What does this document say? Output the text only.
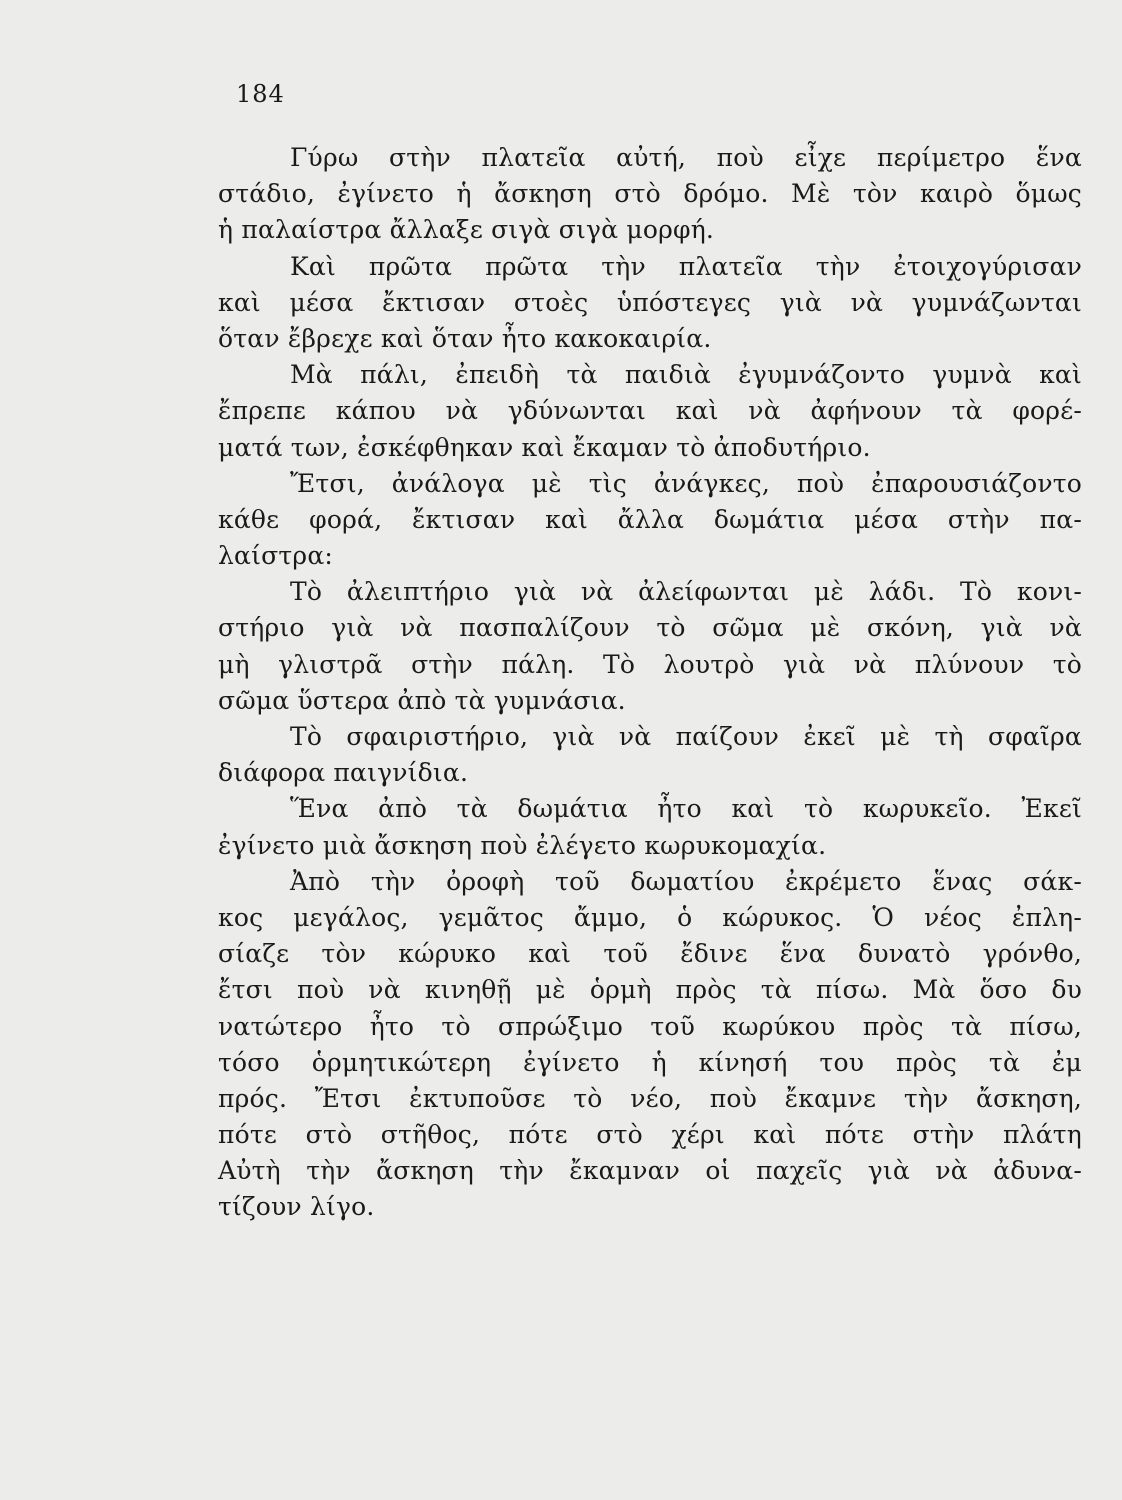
184
Γύρω στὴν πλατεῖα αὐτή, ποὺ εἶχε περίμετρο ἕνα
στάδιο, ἐγίνετο ἡ ἄσκηση στὸ δρόμο. Μὲ τὸν καιρὸ ὅμως
ἡ παλαίστρα ἄλλαξε σιγὰ σιγὰ μορφή.
Καὶ πρῶτα πρῶτα τὴν πλατεῖα τὴν ἐτοιχογύρισαν
καὶ μέσα ἔκτισαν στοὲς ὑπόστεγες γιὰ νὰ γυμνάζωνται
ὅταν ἔβρεχε καὶ ὅταν ἦτο κακοκαιρία.
Μὰ πάλι, ἐπειδὴ τὰ παιδιὰ ἐγυμνάζοντο γυμνὰ καὶ
ἔπρεπε κάπου νὰ γδύνωνται καὶ νὰ ἀφήνουν τὰ φορέ-
ματά των, ἐσκέφθηκαν καὶ ἔκαμαν τὸ ἀποδυτήριο.
Ἔτσι, ἀνάλογα μὲ τὶς ἀνάγκες, ποὺ ἐπαρουσιάζοντο
κάθε φορά, ἔκτισαν καὶ ἄλλα δωμάτια μέσα στὴν πα-
λαίστρα:
Τὸ ἀλειπτήριο γιὰ νὰ ἀλείφωνται μὲ λάδι. Τὸ κονι-
στήριο γιὰ νὰ πασπαλίζουν τὸ σῶμα μὲ σκόνη, γιὰ νὰ
μὴ γλιστρᾶ στὴν πάλη. Τὸ λουτρὸ γιὰ νὰ πλύνουν τὸ
σῶμα ὕστερα ἀπὸ τὰ γυμνάσια.
Τὸ σφαιριστήριο, γιὰ νὰ παίζουν ἐκεῖ μὲ τὴ σφαῖρα
διάφορα παιγνίδια.
Ἕνα ἀπὸ τὰ δωμάτια ἦτο καὶ τὸ κωρυκεῖο. Ἐκεῖ
ἐγίνετο μιὰ ἄσκηση ποὺ ἐλέγετο κωρυκομαχία.
Ἀπὸ τὴν ὀροφὴ τοῦ δωματίου ἐκρέμετο ἕνας σάκ-
κος μεγάλος, γεμᾶτος ἄμμο, ὁ κώρυκος. Ὁ νέος ἐπλη-
σίαζε τὸν κώρυκο καὶ τοῦ ἔδινε ἕνα δυνατὸ γρόνθο,
ἔτσι ποὺ νὰ κινηθῇ μὲ ὁρμὴ πρὸς τὰ πίσω. Μὰ ὅσο δυ
νατώτερο ἦτο τὸ σπρώξιμο τοῦ κωρύκου πρὸς τὰ πίσω,
τόσο ὁρμητικώτερη ἐγίνετο ἡ κίνησή του πρὸς τὰ ἐμ
πρός. Ἔτσι ἐκτυποῦσε τὸ νέο, ποὺ ἔκαμνε τὴν ἄσκηση,
πότε στὸ στῆθος, πότε στὸ χέρι καὶ πότε στὴν πλάτη
Αὐτὴ τὴν ἄσκηση τὴν ἔκαμναν οἱ παχεῖς γιὰ νὰ ἀδυνα-
τίζουν λίγο.
